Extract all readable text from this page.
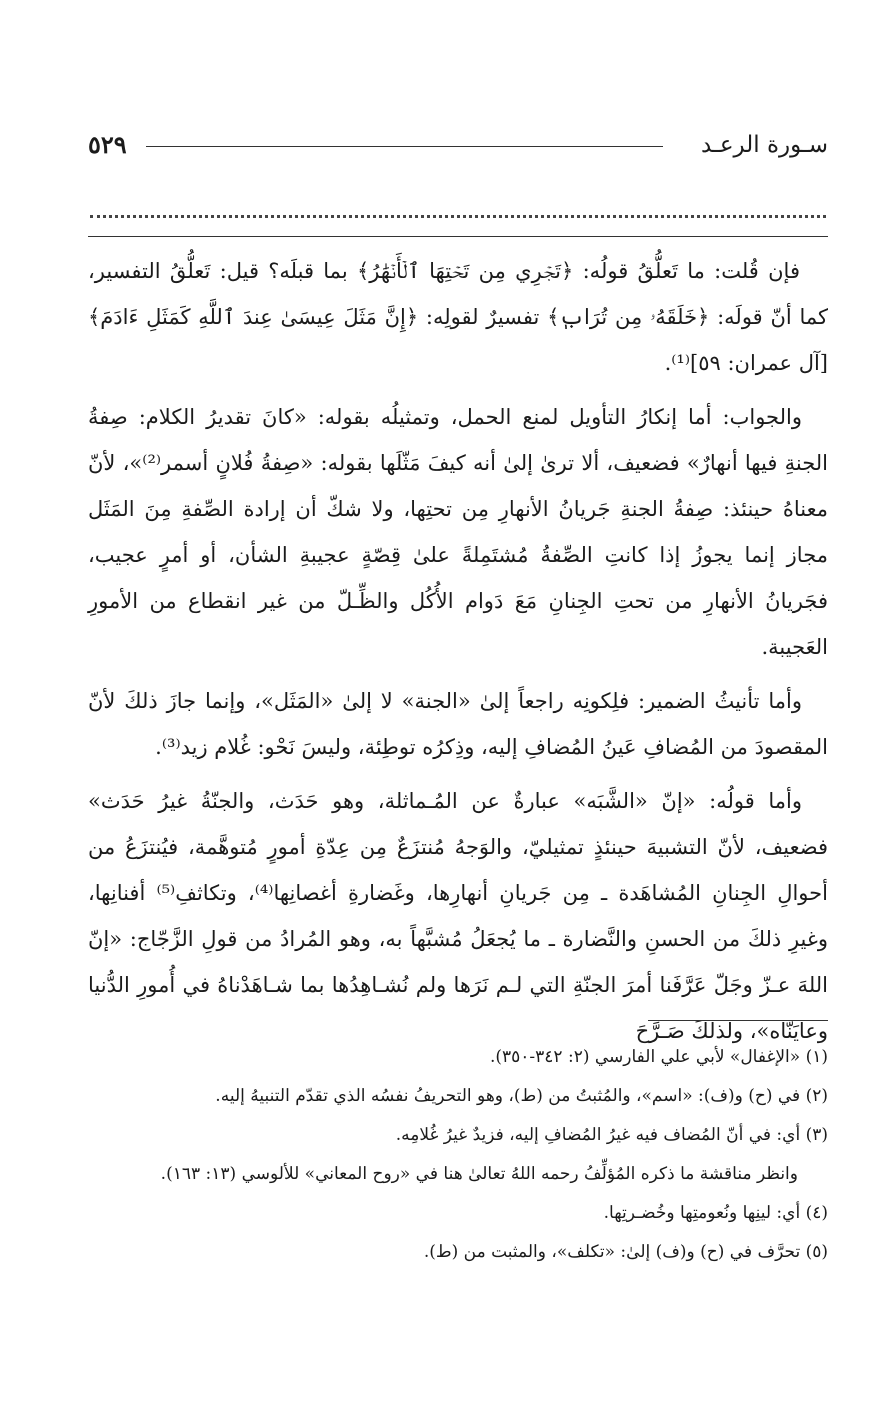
سـورة الرعـد
٥٢٩

فإن قُلت: ما تَعلُّقُ قولُه: ﴿تَجۡرِي مِن تَحۡتِهَا ٱلۡأَنۡهَٰرُ﴾ بما قبلَه؟ قيل: تَعلُّقُ التفسير، كما أنّ قولَه: ﴿خَلَقَهُۥ مِن تُرَابٖ﴾ تفسيرٌ لقولِه: ﴿إِنَّ مَثَلَ عِيسَىٰ عِندَ ٱللَّهِ كَمَثَلِ ءَادَمَ﴾ [آل عمران: ٥٩]⁽¹⁾.

والجواب: أما إنكارُ التأويل لمنع الحمل، وتمثيلُه بقوله: «كانَ تقديرُ الكلام: صِفةُ الجنةِ فيها أنهارٌ» فضعيف، ألا ترىٰ إلىٰ أنه كيفَ مَثّلَها بقوله: «صِفةُ فُلانٍ أسمر⁽²⁾»، لأنّ معناهُ حينئذ: صِفةُ الجنةِ جَريانُ الأنهارِ مِن تحتِها، ولا شكّ أن إرادة الصِّفةِ مِنَ المَثَل مجاز إنما يجوزُ إذا كانتِ الصِّفةُ مُشتَمِلةً علىٰ قِصّةٍ عجيبةِ الشأن، أو أمرٍ عجيب، فجَريانُ الأنهارِ من تحتِ الجِنانِ مَعَ دَوام الأُكُل والظِّـلّ من غير انقطاع من الأمورِ العَجيبة.

وأما تأنيثُ الضمير: فلِكونِه راجعاً إلىٰ «الجنة» لا إلىٰ «المَثَل»، وإنما جازَ ذلكَ لأنّ المقصودَ من المُضافِ عَينُ المُضافِ إليه، وذِكرُه توطِئة، وليسَ نَحْو: غُلام زيد⁽³⁾.

وأما قولُه: «إنّ «الشَّبَه» عبارةٌ عن المُـماثلة، وهو حَدَث، والجنّةُ غيرُ حَدَث» فضعيف، لأنّ التشبيهَ حينئذٍ تمثيليّ، والوَجهُ مُنتزَعٌ مِن عِدّةِ أمورٍ مُتوهَّمة، فيُنتزَعُ من أحوالِ الجِنانِ المُشاهَدة ـ مِن جَريانِ أنهارِها، وغَضارةِ أغصانِها⁽⁴⁾، وتكاثفِ⁽⁵⁾ أفنانِها، وغيرِ ذلكَ من الحسنِ والنَّضارة ـ ما يُجعَلُ مُشبَّهاً به، وهو المُرادُ من قولِ الزَّجّاج: «إنّ اللهَ عـزّ وجَلّ عَرَّفَنا أمرَ الجنّةِ التي لـم نَرَها ولم نُشـاهِدُها بما شـاهَدْناهُ في أُمورِ الدُّنيا وعايَنّاه»، ولذلكَ صَـرَّحَ

(١) «الإغفال» لأبي علي الفارسي (٢: ٣٤٢-٣٥٠).

(٢) في (ح) و(ف): «اسم»، والمُثبتُ من (ط)، وهو التحريفُ نفسُه الذي تقدّم التنبيهُ إليه.

(٣) أي: في أنّ المُضاف فيه غيرُ المُضافِ إليه، فزيدٌ غيرُ غُلامِه.

وانظر مناقشة ما ذكره المُؤلِّفُ رحمه اللهُ تعالىٰ هنا في «روح المعاني» للألوسي (١٣: ١٦٣).

(٤) أي: لينِها ونُعومتِها وخُضـرتِها.

(٥) تحرَّف في (ح) و(ف) إلىٰ: «تكلف»، والمثبت من (ط).
